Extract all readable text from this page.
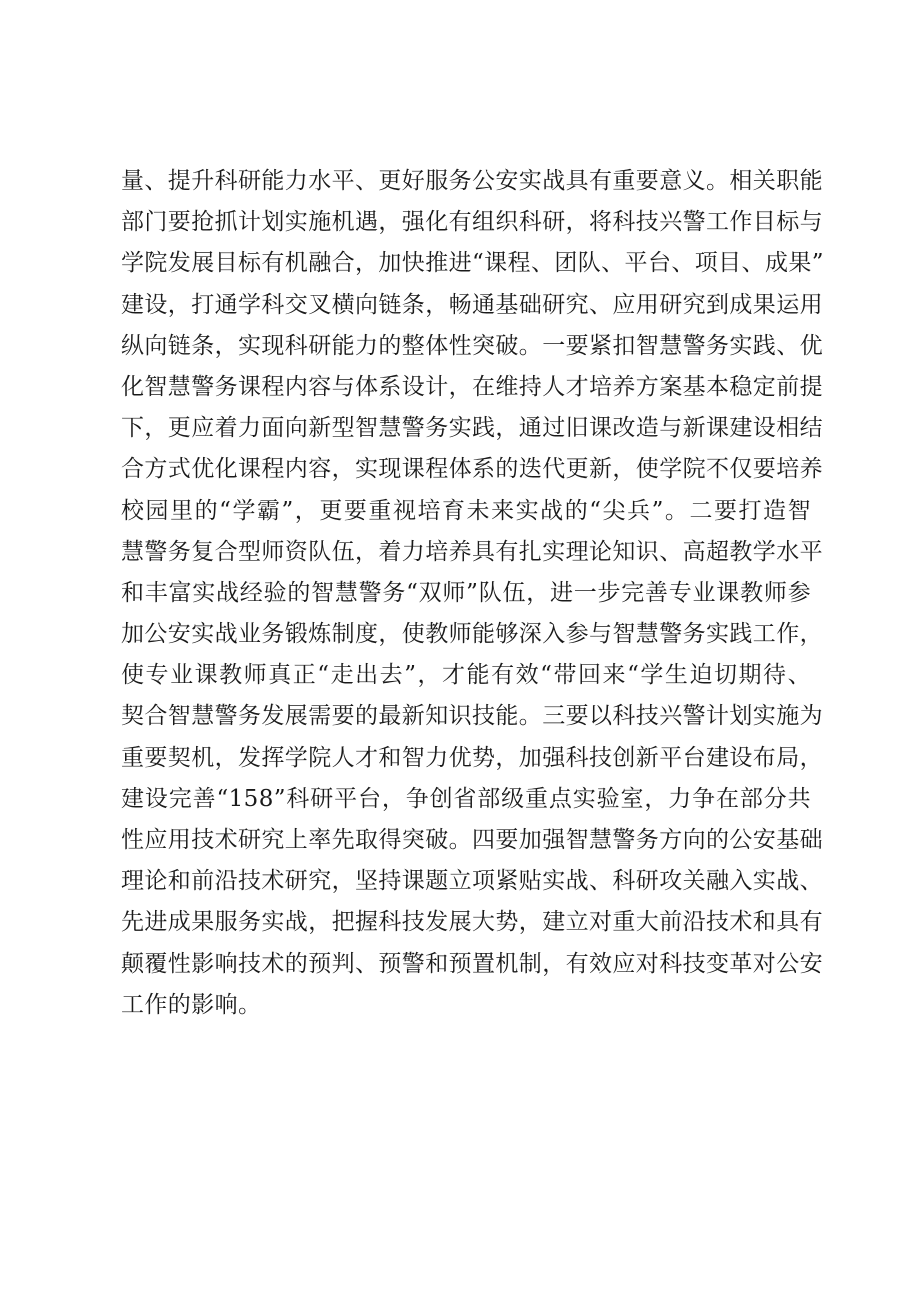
量、提升科研能力水平、更好服务公安实战具有重要意义。相关职能
部门要抢抓计划实施机遇，强化有组织科研，将科技兴警工作目标与
学院发展目标有机融合，加快推进“课程、团队、平台、项目、成果”
建设，打通学科交叉横向链条，畅通基础研究、应用研究到成果运用
纵向链条，实现科研能力的整体性突破。一要紧扣智慧警务实践、优
化智慧警务课程内容与体系设计，在维持人才培养方案基本稳定前提
下，更应着力面向新型智慧警务实践，通过旧课改造与新课建设相结
合方式优化课程内容，实现课程体系的迭代更新，使学院不仅要培养
校园里的“学霸”，更要重视培育未来实战的“尖兵”。二要打造智
慧警务复合型师资队伍，着力培养具有扎实理论知识、高超教学水平
和丰富实战经验的智慧警务“双师”队伍，进一步完善专业课教师参
加公安实战业务锻炼制度，使教师能够深入参与智慧警务实践工作，
使专业课教师真正“走出去”，才能有效“带回来“学生迫切期待、
契合智慧警务发展需要的最新知识技能。三要以科技兴警计划实施为
重要契机，发挥学院人才和智力优势，加强科技创新平台建设布局，
建设完善“158”科研平台，争创省部级重点实验室，力争在部分共
性应用技术研究上率先取得突破。四要加强智慧警务方向的公安基础
理论和前沿技术研究，坚持课题立项紧贴实战、科研攻关融入实战、
先进成果服务实战，把握科技发展大势，建立对重大前沿技术和具有
颠覆性影响技术的预判、预警和预置机制，有效应对科技变革对公安
工作的影响。
